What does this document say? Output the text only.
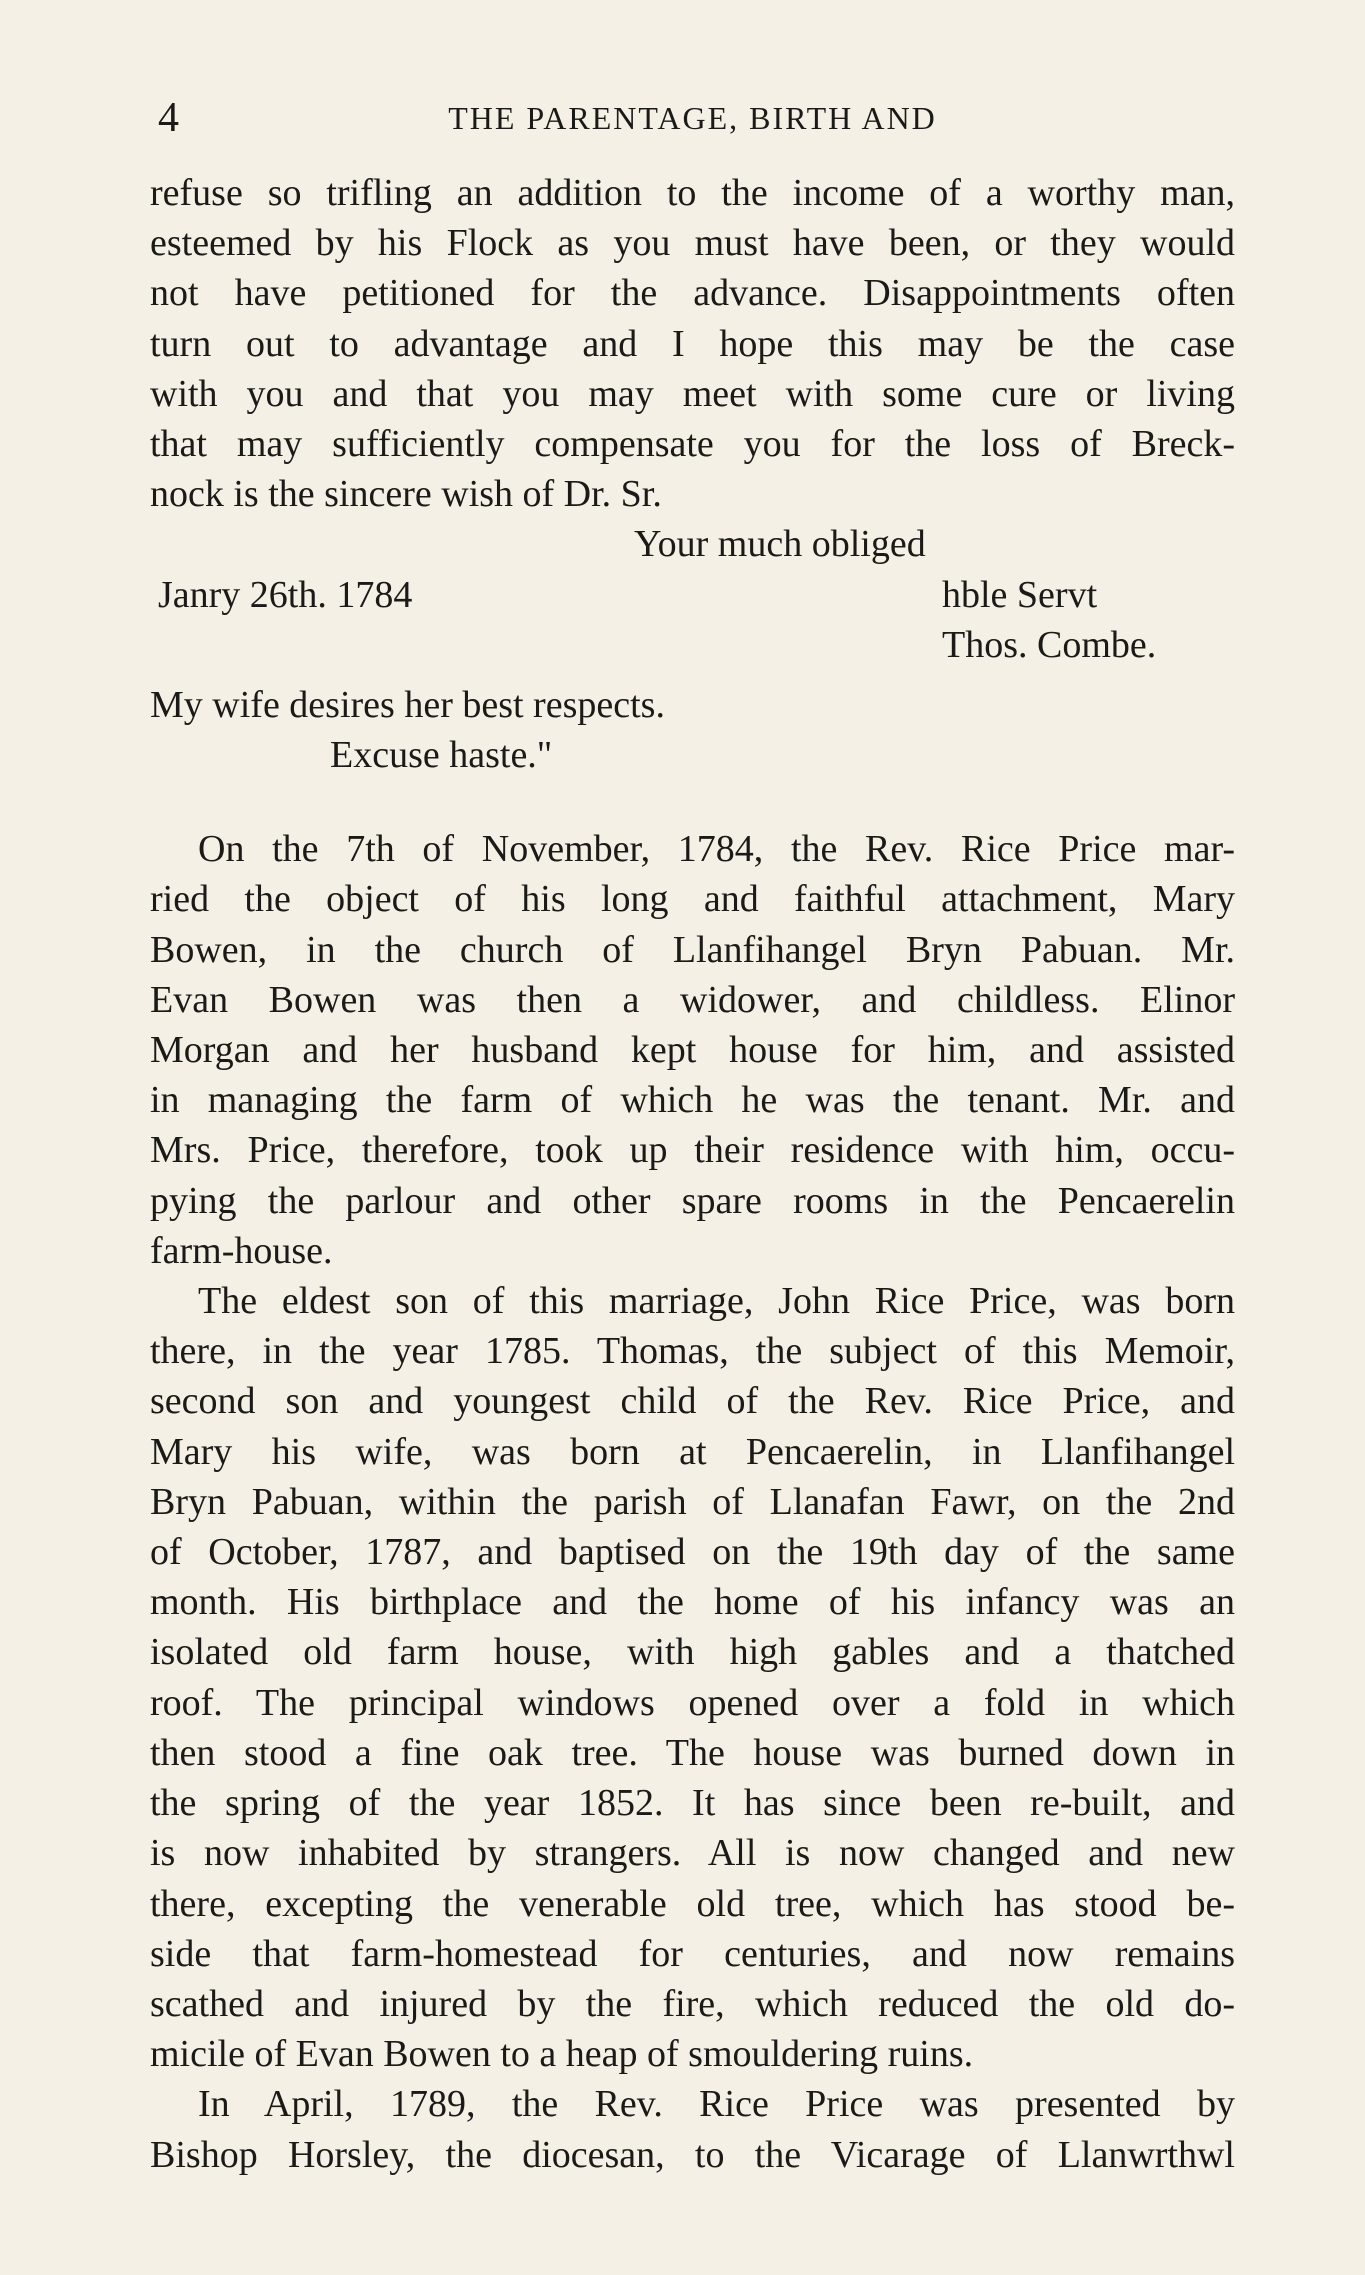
4	THE PARENTAGE, BIRTH AND
refuse so trifling an addition to the income of a worthy man,
esteemed by his Flock as you must have been, or they would
not have petitioned for the advance. Disappointments often
turn out to advantage and I hope this may be the case
with you and that you may meet with some cure or living
that may sufficiently compensate you for the loss of Breck-
nock is the sincere wish of Dr. Sr.
Your much obliged
Janry 26th. 1784	hble Servt
Thos. Combe.
My wife desires her best respects.
Excuse haste."
On the 7th of November, 1784, the Rev. Rice Price mar-
ried the object of his long and faithful attachment, Mary
Bowen, in the church of Llanfihangel Bryn Pabuan. Mr.
Evan Bowen was then a widower, and childless. Elinor
Morgan and her husband kept house for him, and assisted
in managing the farm of which he was the tenant. Mr. and
Mrs. Price, therefore, took up their residence with him, occu-
pying the parlour and other spare rooms in the Pencaerelin
farm-house.
The eldest son of this marriage, John Rice Price, was born
there, in the year 1785. Thomas, the subject of this Memoir,
second son and youngest child of the Rev. Rice Price, and
Mary his wife, was born at Pencaerelin, in Llanfihangel
Bryn Pabuan, within the parish of Llanafan Fawr, on the 2nd
of October, 1787, and baptised on the 19th day of the same
month. His birthplace and the home of his infancy was an
isolated old farm house, with high gables and a thatched
roof. The principal windows opened over a fold in which
then stood a fine oak tree. The house was burned down in
the spring of the year 1852. It has since been re-built, and
is now inhabited by strangers. All is now changed and new
there, excepting the venerable old tree, which has stood be-
side that farm-homestead for centuries, and now remains
scathed and injured by the fire, which reduced the old do-
micile of Evan Bowen to a heap of smouldering ruins.
In April, 1789, the Rev. Rice Price was presented by
Bishop Horsley, the diocesan, to the Vicarage of Llanwrthwl
